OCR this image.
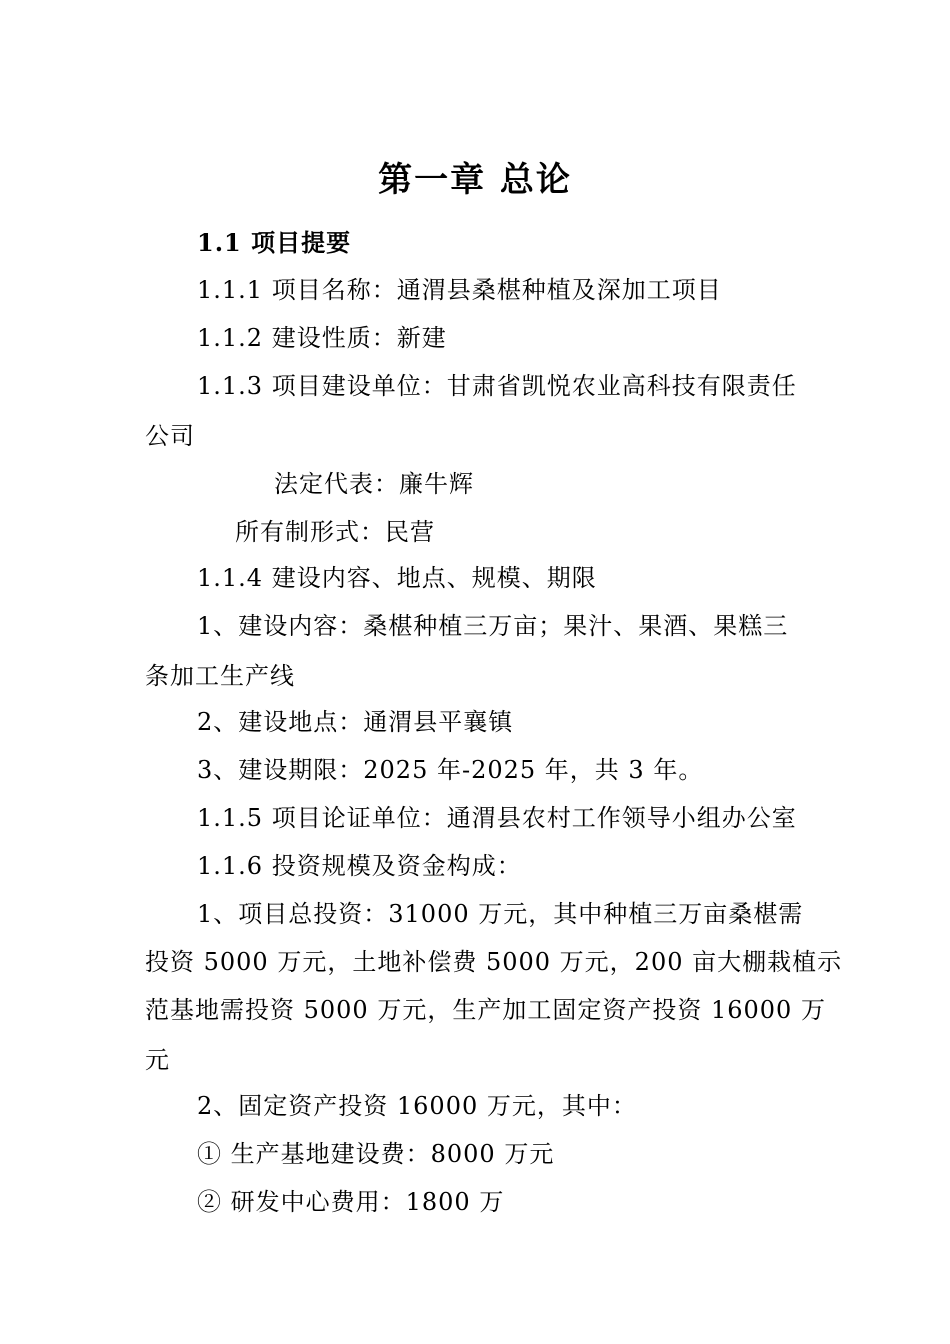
第一章 总论
1.1 项目提要
1.1.1 项目名称：通渭县桑椹种植及深加工项目
1.1.2 建设性质：新建
1.1.3 项目建设单位：甘肃省凯悦农业高科技有限责任
公司
法定代表：廉牛辉
所有制形式：民营
1.1.4 建设内容、地点、规模、期限
1、建设内容：桑椹种植三万亩；果汁、果酒、果糕三
条加工生产线
2、建设地点：通渭县平襄镇
3、建设期限：2025 年-2025 年，共 3 年。
1.1.5 项目论证单位：通渭县农村工作领导小组办公室
1.1.6 投资规模及资金构成：
1、项目总投资：31000 万元，其中种植三万亩桑椹需
投资 5000 万元，土地补偿费 5000 万元，200 亩大棚栽植示
范基地需投资 5000 万元，生产加工固定资产投资 16000 万
元
2、固定资产投资 16000 万元，其中：
① 生产基地建设费：8000 万元
② 研发中心费用：1800 万
